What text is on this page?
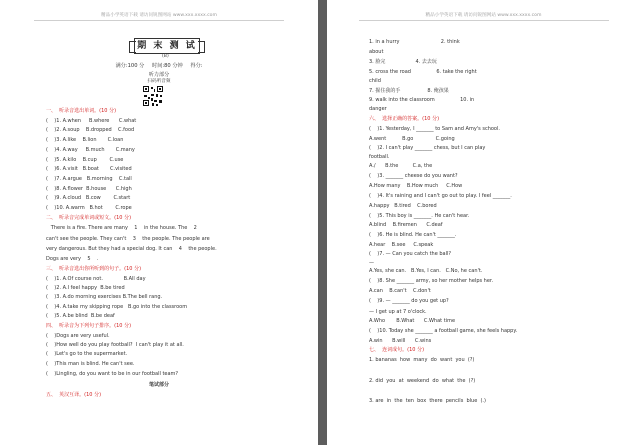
精品小学英语下载 请访问锐图网站 www.xxx.xxxx.com
期 末 测 试
(B)
满分:100 分 时间:80 分钟 得分:
听力部分
扫码听音频
一、  听录音选出单词。(10 分)
(    )1. A.when     B.where      C.what
(    )2. A.soup    B.dropped    C.food
(    )3. A.like    B.lion       C.loan
(    )4. A.way     B.much       C.many
(    )5. A.kilo    B.cup        C.use
(    )6. A.visit   B.boat       C.visited
(    )7. A.argue   B.morning    C.tall
(    )8. A.flower  B.house      C.high
(    )9. A.cloud   B.cow        C.start
(    )10. A.warm   B.hot        C.rope
二、  听录音完成单词或短文。(10 分)
There is a fire. There are many    1    in the house. The    2
can't see the people. They can't    3    the people. The people are
very dangerous. But they had a special dog. It can    4    the people.
Dogs are very    5    .
三、  听录音选出你所听到的句子。(10 分)
(    )1. A.Of course not.             B.All day
(    )2. A.I feel happy  B.be tired
(    )3. A.do morning exercises B.The bell rang.
(    )4. A.take my skipping rope   B.go into the classroom
(    )5. A.be blind  B.be deaf
四、  听录音为下列句子排序。(10 分)
(    )Dogs are very useful.
(    )How well do you play football?  I can't play it at all.
(    )Let's go to the supermarket.
(    )This man is blind. He can't see.
(    )Lingling, do you want to be in our football team?
笔试部分
五、  英汉互译。(10 分)
精品小学英语下载 请访问锐图网站 www.xxx.xxxx.com
1. in a hurry                          2. think
about
3. 脸完                   4. 去去玩
5. cross the road                6. take the right
child
7. 握住我的手                 8. 俺孩果
9. walk into the classroom                10. in
danger
六、  选择正确的答案。(10 分)
(    )1. Yesterday, I _______ to Sam and Amy's school.
A.went          B.go              C.going
(    )2. I can't play _______ chess, but I can play
football.
A./      B.the         C.a, the
(    )3. _______ cheese do you want?
A.How many    B.How much     C.How
(    )4. It's raining and I can't go out to play. I feel _______.
A.happy   B.tired    C.bored
(    )5. This boy is _______. He can't hear.
A.blind    B.firemen      C.deaf
(    )6. He is blind. He can't _______.
A.hear    B.see     C.speak
(    )7. — Can you catch the ball?
—
A.Yes, she can.   B.Yes, I can.   C.No, he can't.
(    )8. She _______ army, so her mother helps her.
A.can    B.can't    C.don't
(    )9. — _______ do you get up?
— I get up at 7 o'clock.
A.Who       B.What      C.What time
(    )10. Today she _______ a football game, she feels happy.
A.win      B.will      C.wins
七、  连词成句。(10 分)
1. bananas  how  many  do  want  you  (?)
2. did  you  at  weekend  do  what  the  (?)
3. are  in  the  ten  box  there  pencils  blue  (.)
